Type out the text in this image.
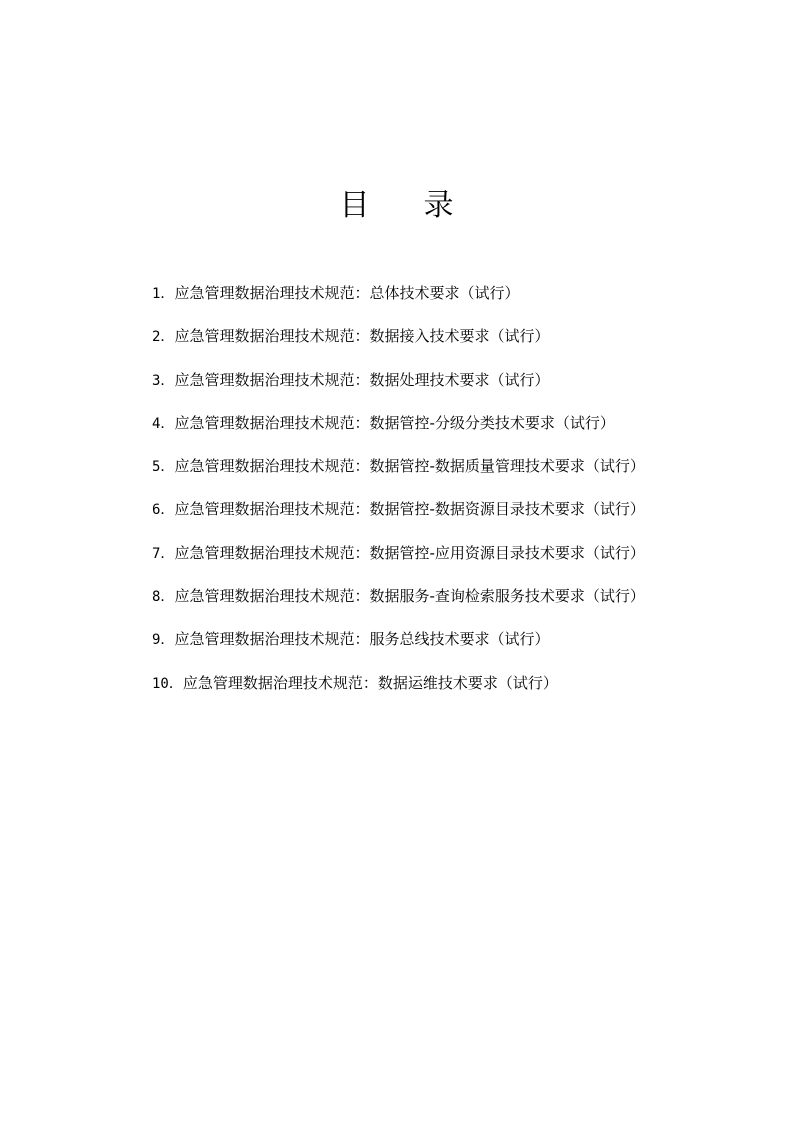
目 录
1．应急管理数据治理技术规范：总体技术要求（试行）
2．应急管理数据治理技术规范：数据接入技术要求（试行）
3．应急管理数据治理技术规范：数据处理技术要求（试行）
4．应急管理数据治理技术规范：数据管控-分级分类技术要求（试行）
5．应急管理数据治理技术规范：数据管控-数据质量管理技术要求（试行）
6．应急管理数据治理技术规范：数据管控-数据资源目录技术要求（试行）
7．应急管理数据治理技术规范：数据管控-应用资源目录技术要求（试行）
8．应急管理数据治理技术规范：数据服务-查询检索服务技术要求（试行）
9．应急管理数据治理技术规范：服务总线技术要求（试行）
10．应急管理数据治理技术规范：数据运维技术要求（试行）
